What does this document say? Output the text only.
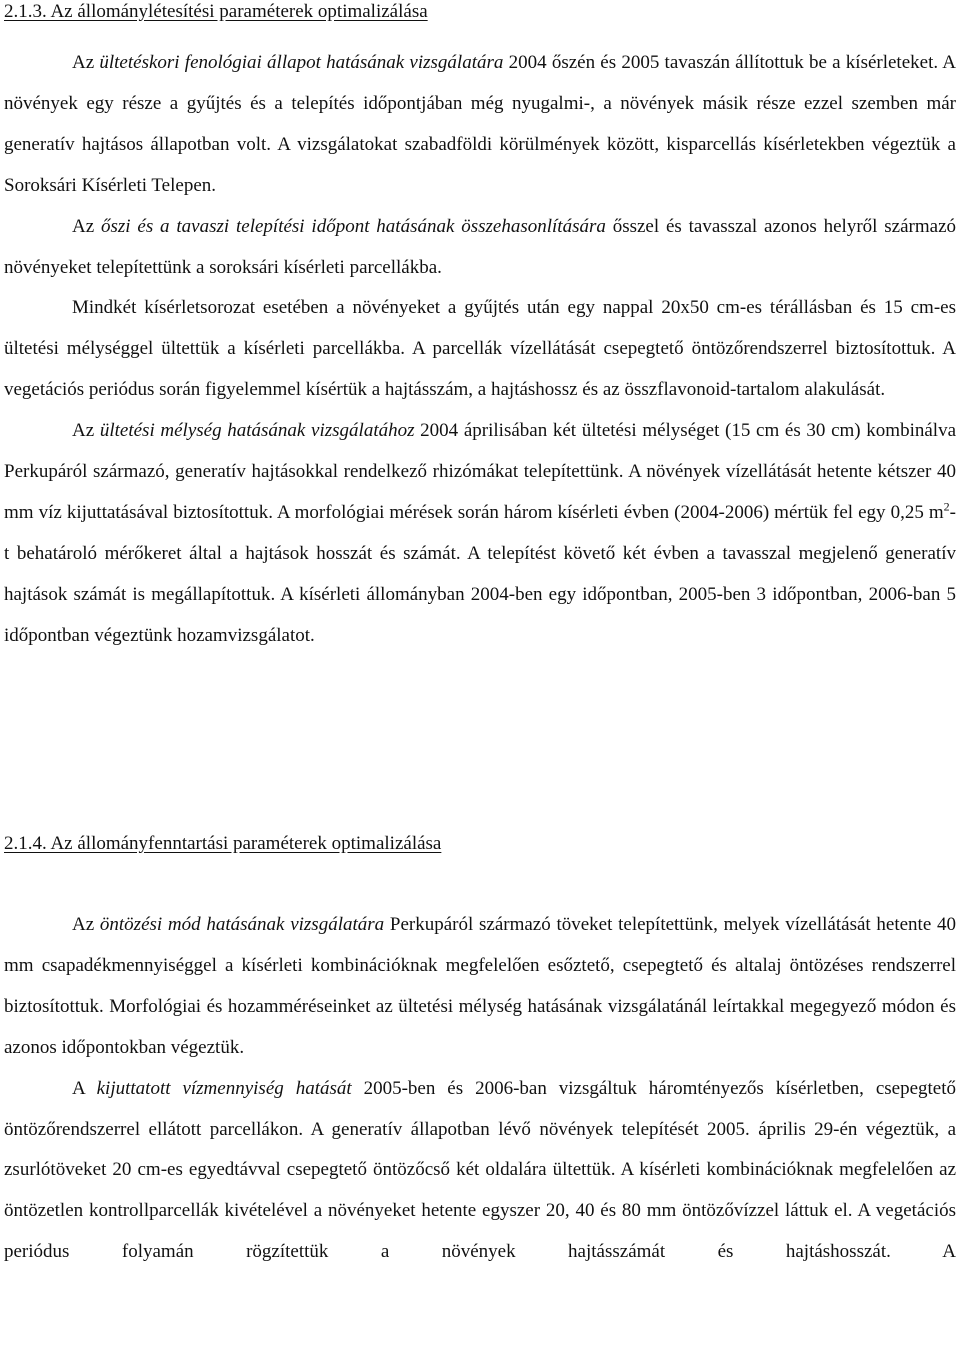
2.1.3. Az állománylétesítési paraméterek optimalizálása

Az ültetéskori fenológiai állapot hatásának vizsgálatára 2004 őszén és 2005 tavaszán állítottuk be a kísérleteket. A növények egy része a gyűjtés és a telepítés időpontjában még nyugalmi-, a növények másik része ezzel szemben már generatív hajtásos állapotban volt. A vizsgálatokat szabadföldi körülmények között, kisparcellás kísérletekben végeztük a Soroksári Kísérleti Telepen.

Az őszi és a tavaszi telepítési időpont hatásának összehasonlítására ősszel és tavasszal azonos helyről származó növényeket telepítettünk a soroksári kísérleti parcellákba.

Mindkét kísérletsorozat esetében a növényeket a gyűjtés után egy nappal 20x50 cm-es térállásban és 15 cm-es ültetési mélységgel ültettük a kísérleti parcellákba. A parcellák vízellátását csepegtető öntözőrendszerrel biztosítottuk. A vegetációs periódus során figyelemmel kísértük a hajtásszám, a hajtáshossz és az összflavonoid-tartalom alakulását.

Az ültetési mélység hatásának vizsgálatához 2004 áprilisában két ültetési mélységet (15 cm és 30 cm) kombinálva Perkupáról származó, generatív hajtásokkal rendelkező rhizómákat telepítettünk. A növények vízellátását hetente kétszer 40 mm víz kijuttatásával biztosítottuk. A morfológiai mérések során három kísérleti évben (2004-2006) mértük fel egy 0,25 $m^2-t$ behatároló mérőkeret által a hajtások hosszát és számát. A telepítést követő két évben a tavasszal megjelenő generatív hajtások számát is megállapítottuk. A kísérleti állományban 2004-ben egy időpontban, 2005-ben 3 időpontban, 2006-ban 5 időpontban végeztünk hozamvizsgálatot.

2.1.4. Az állományfenntartási paraméterek optimalizálása

Az öntözési mód hatásának vizsgálatára Perkupáról származó töveket telepítettünk, melyek vízellátását hetente 40 mm csapadékmennyiséggel a kísérleti kombinációknak megfelelően esőztető, csepegtető és altalaj öntözéses rendszerrel biztosítottuk. Morfológiai és hozamméréseinket az ültetési mélység hatásának vizsgálatánál leírtakkal megegyező módon és azonos időpontokban végeztük.

A kijuttatott vízmennyiség hatását 2005-ben és 2006-ban vizsgáltuk háromtényezős kísérletben, csepegtető öntözőrendszerrel ellátott parcellákon. A generatív állapotban lévő növények telepítését 2005. április 29-én végeztük, a zsurlótöveket 20 cm-es egyedtávval csepegtető öntözőcső két oldalára ültettük. A kísérleti kombinációknak megfelelően az öntözetlen kontrollparcellák kivételével a növényeket hetente egyszer 20, 40 és 80 mm öntözővízzel láttuk el. A vegetációs periódus folyamán rögzítettük a növények hajtásszámát és hajtáshosszát. A
